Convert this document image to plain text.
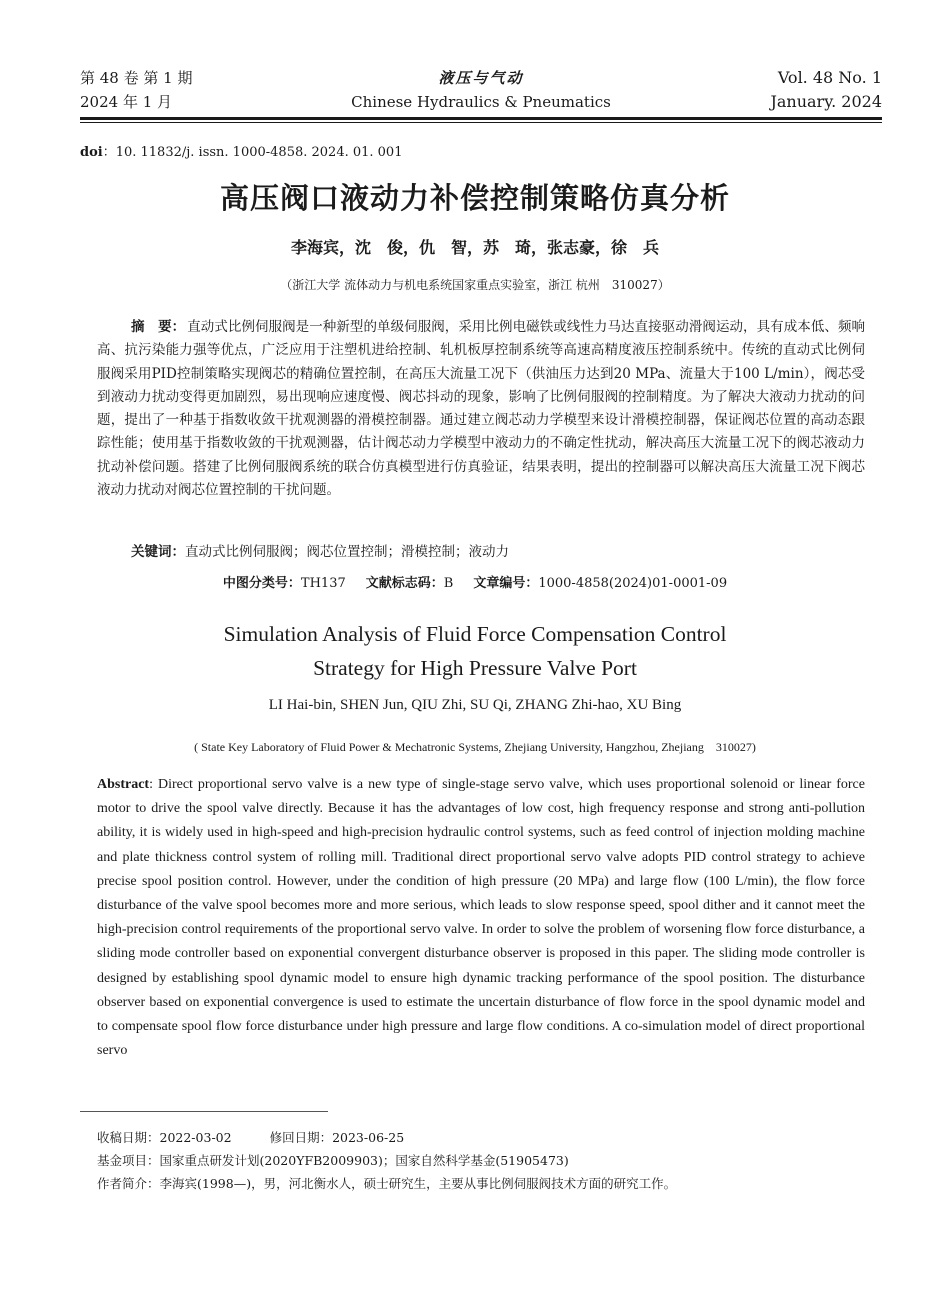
第 48 卷 第 1 期
2024 年 1 月
液压与气动
Chinese Hydraulics & Pneumatics
Vol. 48 No. 1
January. 2024
doi：10. 11832/j. issn. 1000-4858. 2024. 01. 001
高压阀口液动力补偿控制策略仿真分析
李海宾，沈　俊，仇　智，苏　琦，张志豪，徐　兵
（浙江大学 流体动力与机电系统国家重点实验室，浙江 杭州　310027）
摘　要： 直动式比例伺服阀是一种新型的单级伺服阀，采用比例电磁铁或线性力马达直接驱动滑阀运动，具有成本低、频响高、抗污染能力强等优点，广泛应用于注塑机进给控制、轧机板厚控制系统等高速高精度液压控制系统中。传统的直动式比例伺服阀采用PID控制策略实现阀芯的精确位置控制，在高压大流量工况下（供油压力达到20 MPa、流量大于100 L/min），阀芯受到液动力扰动变得更加剧烈，易出现响应速度慢、阀芯抖动的现象，影响了比例伺服阀的控制精度。为了解决大液动力扰动的问题，提出了一种基于指数收敛干扰观测器的滑模控制器。通过建立阀芯动力学模型来设计滑模控制器，保证阀芯位置的高动态跟踪性能；使用基于指数收敛的干扰观测器，估计阀芯动力学模型中液动力的不确定性扰动，解决高压大流量工况下的阀芯液动力扰动补偿问题。搭建了比例伺服阀系统的联合仿真模型进行仿真验证，结果表明，提出的控制器可以解决高压大流量工况下阀芯液动力扰动对阀芯位置控制的干扰问题。
关键词：直动式比例伺服阀；阀芯位置控制；滑模控制；液动力
中图分类号：TH137 文献标志码：B 文章编号：1000-4858(2024)01-0001-09
Simulation Analysis of Fluid Force Compensation Control
Strategy for High Pressure Valve Port
LI Hai-bin, SHEN Jun, QIU Zhi, SU Qi, ZHANG Zhi-hao, XU Bing
( State Key Laboratory of Fluid Power & Mechatronic Systems, Zhejiang University, Hangzhou, Zhejiang　310027)
Abstract: Direct proportional servo valve is a new type of single-stage servo valve, which uses proportional solenoid or linear force motor to drive the spool valve directly. Because it has the advantages of low cost, high frequency response and strong anti-pollution ability, it is widely used in high-speed and high-precision hydraulic control systems, such as feed control of injection molding machine and plate thickness control system of rolling mill. Traditional direct proportional servo valve adopts PID control strategy to achieve precise spool position control. However, under the condition of high pressure (20 MPa) and large flow (100 L/min), the flow force disturbance of the valve spool becomes more and more serious, which leads to slow response speed, spool dither and it cannot meet the high-precision control requirements of the proportional servo valve. In order to solve the problem of worsening flow force disturbance, a sliding mode controller based on exponential convergent disturbance observer is proposed in this paper. The sliding mode controller is designed by establishing spool dynamic model to ensure high dynamic tracking performance of the spool position. The disturbance observer based on exponential convergence is used to estimate the uncertain disturbance of flow force in the spool dynamic model and to compensate spool flow force disturbance under high pressure and large flow conditions. A co-simulation model of direct proportional servo
收稿日期：2022-03-02	修回日期：2023-06-25
基金项目：国家重点研发计划(2020YFB2009903)；国家自然科学基金(51905473)
作者简介：李海宾(1998—)，男，河北衡水人，硕士研究生，主要从事比例伺服阀技术方面的研究工作。
